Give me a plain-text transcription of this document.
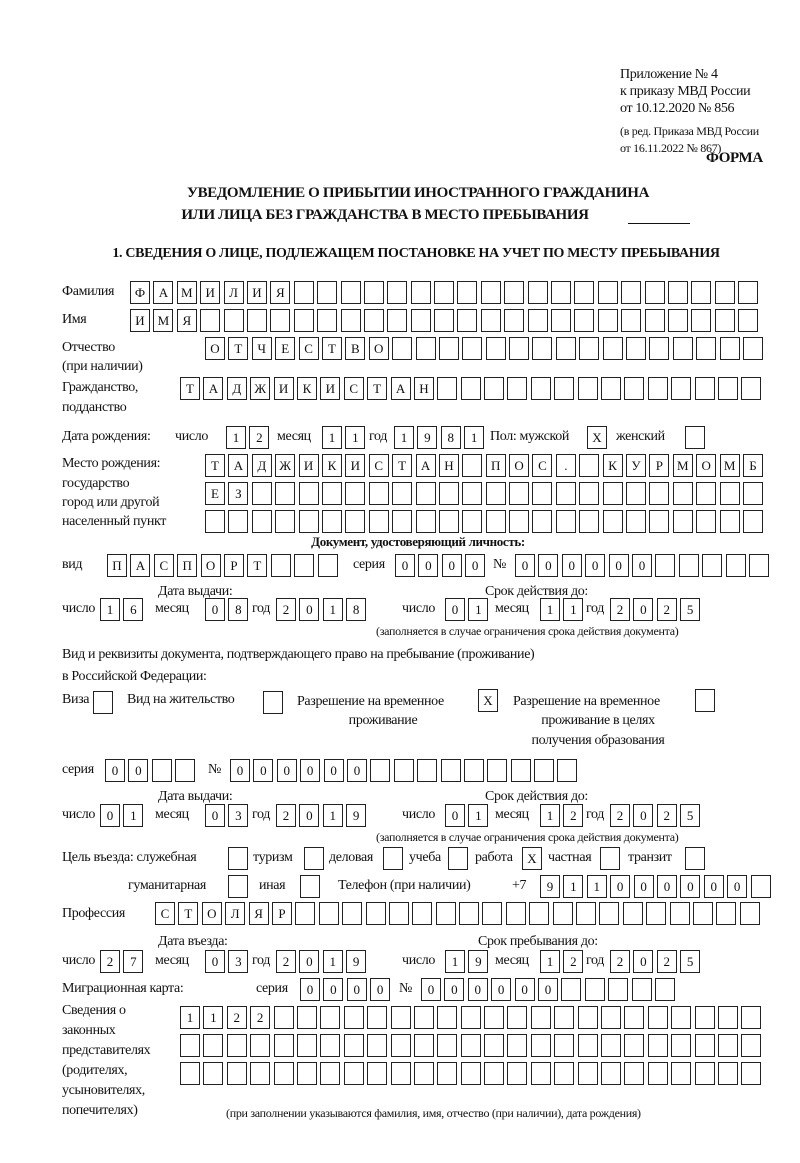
Приложение № 4
к приказу МВД России
от 10.12.2020 № 856
(в ред. Приказа МВД России
от 16.11.2022 № 867)
ФОРМА
УВЕДОМЛЕНИЕ О ПРИБЫТИИ ИНОСТРАННОГО ГРАЖДАНИНА
ИЛИ ЛИЦА БЕЗ ГРАЖДАНСТВА В МЕСТО ПРЕБЫВАНИЯ
1. СВЕДЕНИЯ О ЛИЦЕ, ПОДЛЕЖАЩЕМ ПОСТАНОВКЕ НА УЧЕТ ПО МЕСТУ ПРЕБЫВАНИЯ
Фамилия	Ф	А М И	Л	И	Я
Имя	И М	Я
Отчество
(при наличии)
О	Т	Ч	Е	С	Т	В	О
Гражданство,
подданство
Т	А	Д	Ж И	К	И	С	Т	А	Н
Дата рождения: число	1	2	месяц	1	1 год	1	9	8	1 Пол: мужской	X	женский
Место рождения:
государство
город или другой
населенный пункт
Т	А	Д	Ж И	К	И	С	Т	А	Н	П	О	С	.	К	У	Р	М О М	Б
Е	З
Документ, удостоверяющий личность:
вид	П	А	С	П	О	Р	Т	серия	0	0	0	0	№	0	0	0	0	0	0
Дата выдачи:	Срок действия до:
число 1	6	месяц	0	8 год 2	0	1	8	число	0	1 месяц	1	1 год 2	0	2	5
(заполняется в случае ограничения срока действия документа)
Вид и реквизиты документа, подтверждающего право на пребывание (проживание)
в Российской Федерации:
Виза	Вид на жительство	Разрешение на временное
проживание
X	Разрешение на временное
проживание в целях
получения образования
серия	0	0	№	0	0	0	0	0	0
Дата выдачи:	Срок действия до:
число 0	1	месяц	0	3 год 2	0	1	9	число	0	1 месяц	1	2 год 2	0	2	5
(заполняется в случае ограничения срока действия документа)
Цель въезда: служебная	туризм	деловая	учеба работа	X частная	транзит
гуманитарная	иная	Телефон (при наличии)	+7	9	1	1	0	0	0	0	0	0
Профессия	С	Т	О	Л	Я	Р
Дата въезда:	Срок пребывания до:
число 2	7	месяц	0	3 год 2	0	1	9	число	1	9 месяц	1	2 год 2	0	2	5
Миграционная карта:	серия	0	0	0	0	№	0	0	0	0	0	0
Сведения о
законных
представителях
(родителях,
усыновителях,
попечителях)
1	1	2	2
(при заполнении указываются фамилия, имя, отчество (при наличии), дата рождения)
